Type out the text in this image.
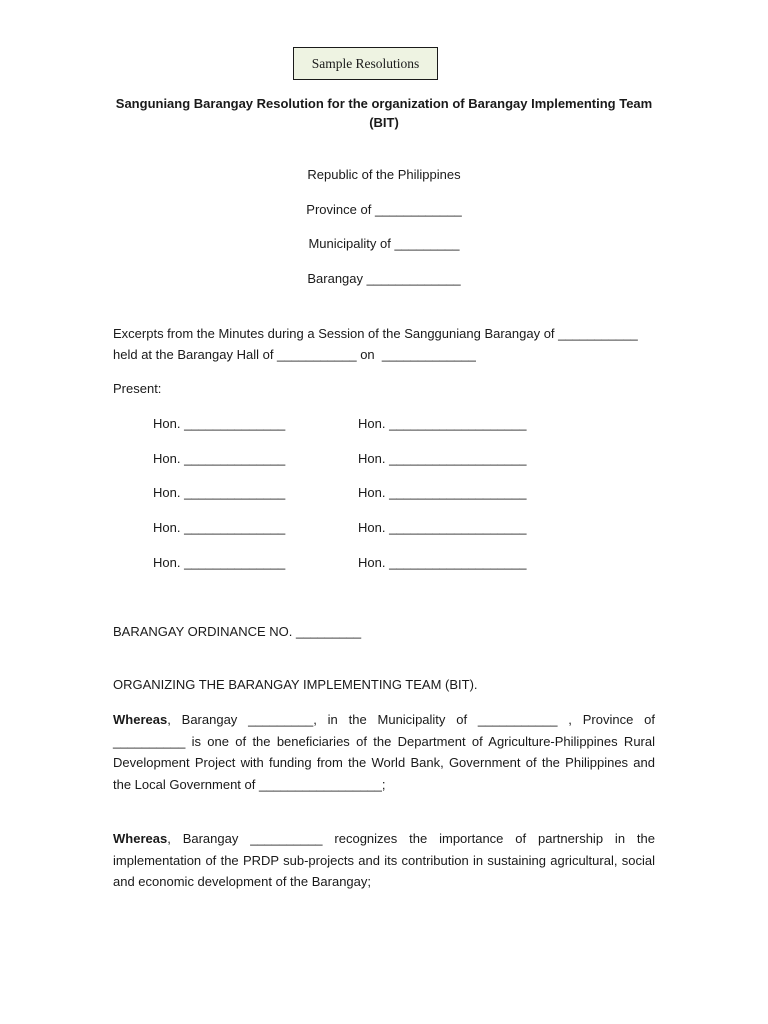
Sample Resolutions
Sanguniang Barangay Resolution for the organization of Barangay Implementing Team (BIT)
Republic of the Philippines
Province of ____________
Municipality of _________
Barangay _____________
Excerpts from the Minutes during a Session of the Sangguniang Barangay of ___________
held at the Barangay Hall of ___________ on  _____________
Present:
Hon. ______________	Hon. ___________________
Hon. ______________	Hon. ___________________
Hon. ______________	Hon. ___________________
Hon. ______________	Hon. ___________________
Hon. ______________	Hon. ___________________
BARANGAY ORDINANCE NO. _________
ORGANIZING THE BARANGAY IMPLEMENTING TEAM (BIT).
Whereas, Barangay _________, in the Municipality of ___________ , Province of __________ is one of the beneficiaries of the Department of Agriculture-Philippines Rural Development Project with funding from the World Bank, Government of the Philippines and the Local Government of _________________;
Whereas, Barangay __________ recognizes the importance of partnership in the implementation of the PRDP sub-projects and its contribution in sustaining agricultural, social and economic development of the Barangay;
